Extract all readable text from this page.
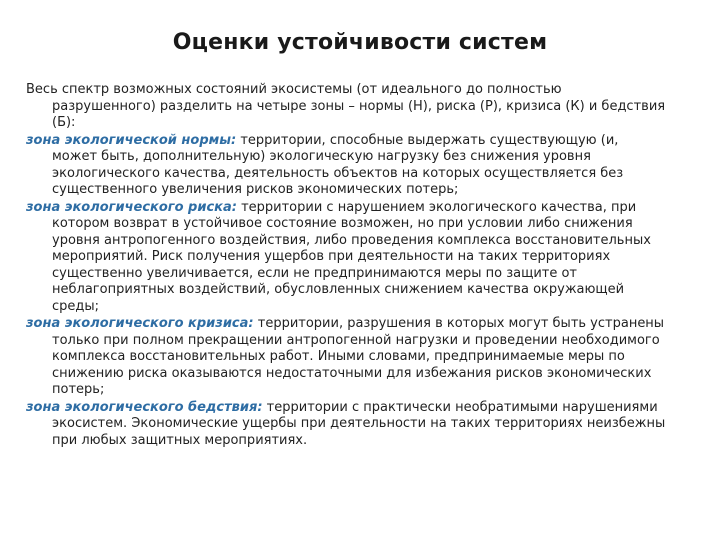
Оценки устойчивости систем

Весь спектр возможных состояний экосистемы (от идеального до полностью
разрушенного) разделить на четыре зоны – нормы (Н), риска (Р), кризиса (К) и бедствия (Б):

зона экологической нормы: территории, способные выдержать существующую (и, может быть, дополнительную) экологическую нагрузку без снижения уровня экологического качества, деятельность объектов на которых осуществляется без существенного увеличения рисков экономических потерь;

зона экологического риска: территории с нарушением экологического качества, при котором возврат в устойчивое состояние возможен, но при условии либо снижения уровня антропогенного воздействия, либо проведения комплекса восстановительных мероприятий. Риск получения ущербов при деятельности на таких территориях существенно увеличивается, если не предпринимаются меры по защите от неблагоприятных воздействий, обусловленных снижением качества окружающей среды;

зона экологического кризиса: территории, разрушения в которых могут быть устранены только при полном прекращении антропогенной нагрузки и проведении необходимого комплекса восстановительных работ. Иными словами, предпринимаемые меры по снижению риска оказываются недостаточными для избежания рисков экономических потерь;

зона экологического бедствия: территории с практически необратимыми нарушениями экосистем. Экономические ущербы при деятельности на таких территориях неизбежны при любых защитных мероприятиях.
